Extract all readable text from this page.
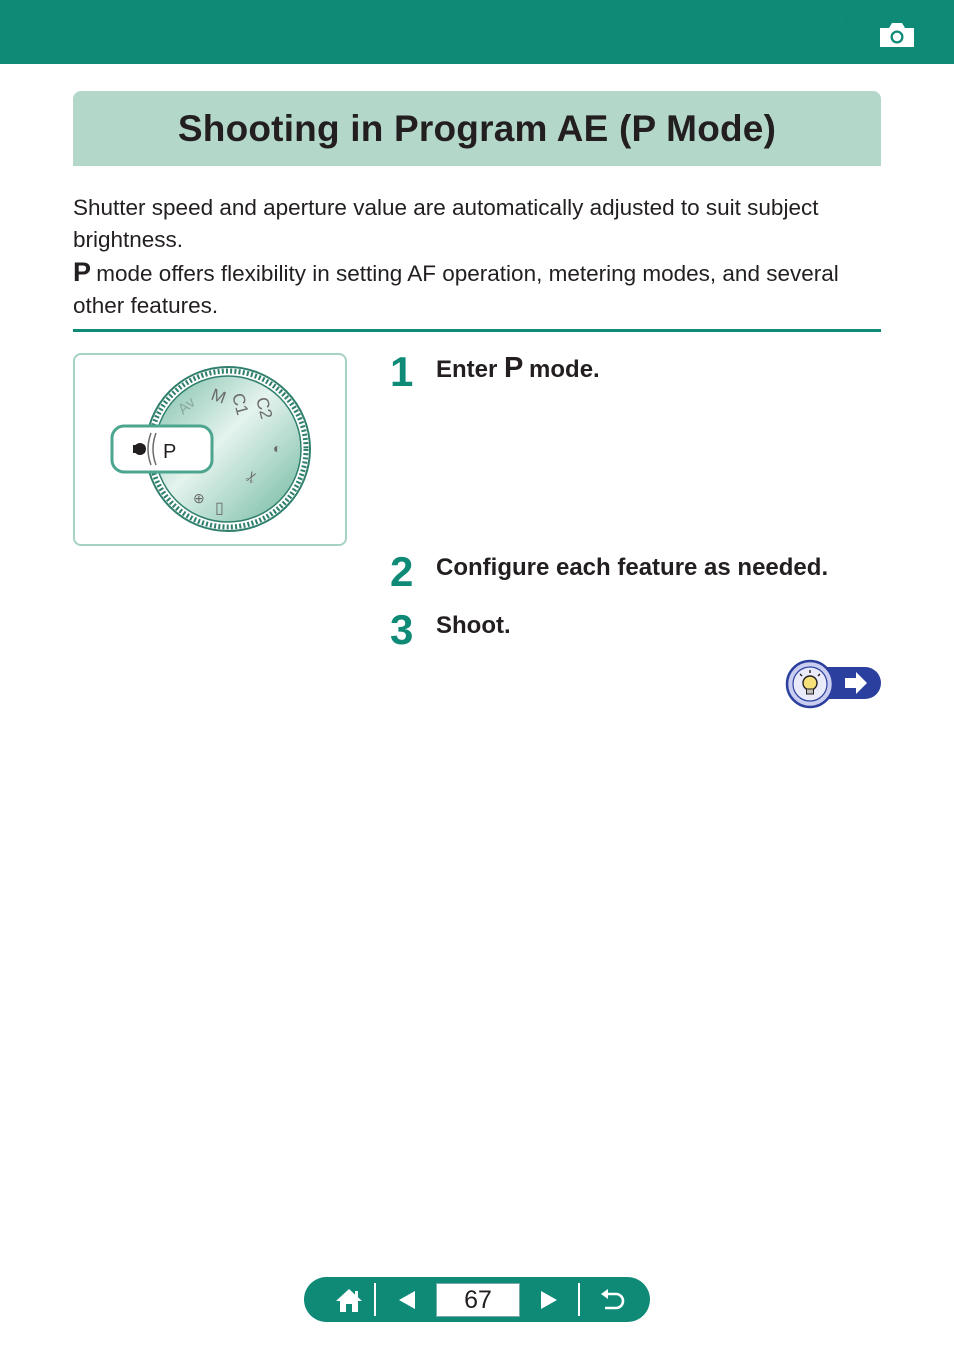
Shooting in Program AE (P Mode)

Shutter speed and aperture value are automatically adjusted to suit subject brightness.

P mode offers flexibility in setting AF operation, metering modes, and several other features.

M C1 C2
Av
◐
✂
▯
⊕
P
1 Enter P mode.
2 Configure each feature as needed.
3 Shoot.
67
